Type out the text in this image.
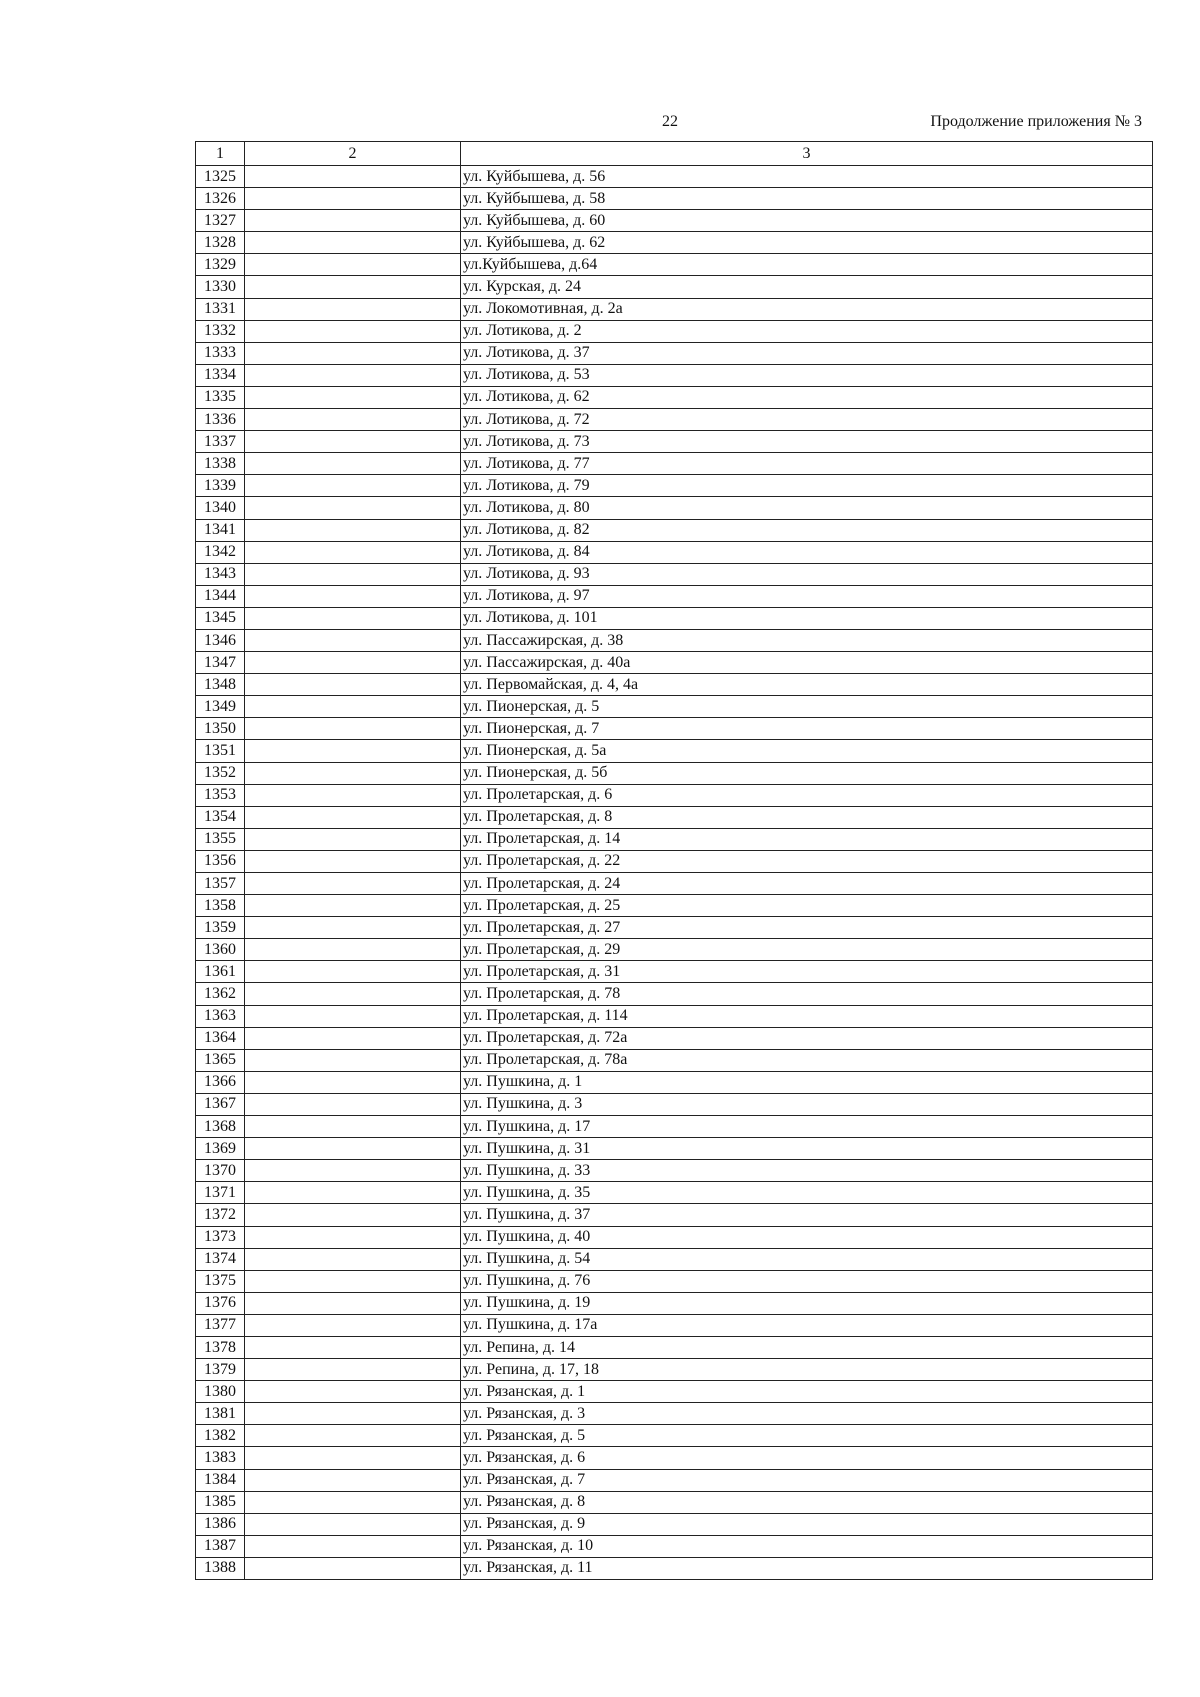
22	Продолжение приложения № 3
1	2	3
1325		ул. Куйбышева, д. 56
1326		ул. Куйбышева, д. 58
1327		ул. Куйбышева, д. 60
1328		ул. Куйбышева, д. 62
1329		ул.Куйбышева, д.64
1330		ул. Курская, д. 24
1331		ул. Локомотивная, д. 2а
1332		ул. Лотикова, д. 2
1333		ул. Лотикова, д. 37
1334		ул. Лотикова, д. 53
1335		ул. Лотикова, д. 62
1336		ул. Лотикова, д. 72
1337		ул. Лотикова, д. 73
1338		ул. Лотикова, д. 77
1339		ул. Лотикова, д. 79
1340		ул. Лотикова, д. 80
1341		ул. Лотикова, д. 82
1342		ул. Лотикова, д. 84
1343		ул. Лотикова, д. 93
1344		ул. Лотикова, д. 97
1345		ул. Лотикова, д. 101
1346		ул. Пассажирская, д. 38
1347		ул. Пассажирская, д. 40а
1348		ул. Первомайская, д. 4, 4а
1349		ул. Пионерская, д. 5
1350		ул. Пионерская, д. 7
1351		ул. Пионерская, д. 5а
1352		ул. Пионерская, д. 5б
1353		ул. Пролетарская, д. 6
1354		ул. Пролетарская, д. 8
1355		ул. Пролетарская, д. 14
1356		ул. Пролетарская, д. 22
1357		ул. Пролетарская, д. 24
1358		ул. Пролетарская, д. 25
1359		ул. Пролетарская, д. 27
1360		ул. Пролетарская, д. 29
1361		ул. Пролетарская, д. 31
1362		ул. Пролетарская, д. 78
1363		ул. Пролетарская, д. 114
1364		ул. Пролетарская, д. 72а
1365		ул. Пролетарская, д. 78а
1366		ул. Пушкина, д. 1
1367		ул. Пушкина, д. 3
1368		ул. Пушкина, д. 17
1369		ул. Пушкина, д. 31
1370		ул. Пушкина, д. 33
1371		ул. Пушкина, д. 35
1372		ул. Пушкина, д. 37
1373		ул. Пушкина, д. 40
1374		ул. Пушкина, д. 54
1375		ул. Пушкина, д. 76
1376		ул. Пушкина, д. 19
1377		ул. Пушкина, д. 17а
1378		ул. Репина, д. 14
1379		ул. Репина, д. 17, 18
1380		ул. Рязанская, д. 1
1381		ул. Рязанская, д. 3
1382		ул. Рязанская, д. 5
1383		ул. Рязанская, д. 6
1384		ул. Рязанская, д. 7
1385		ул. Рязанская, д. 8
1386		ул. Рязанская, д. 9
1387		ул. Рязанская, д. 10
1388		ул. Рязанская, д. 11
